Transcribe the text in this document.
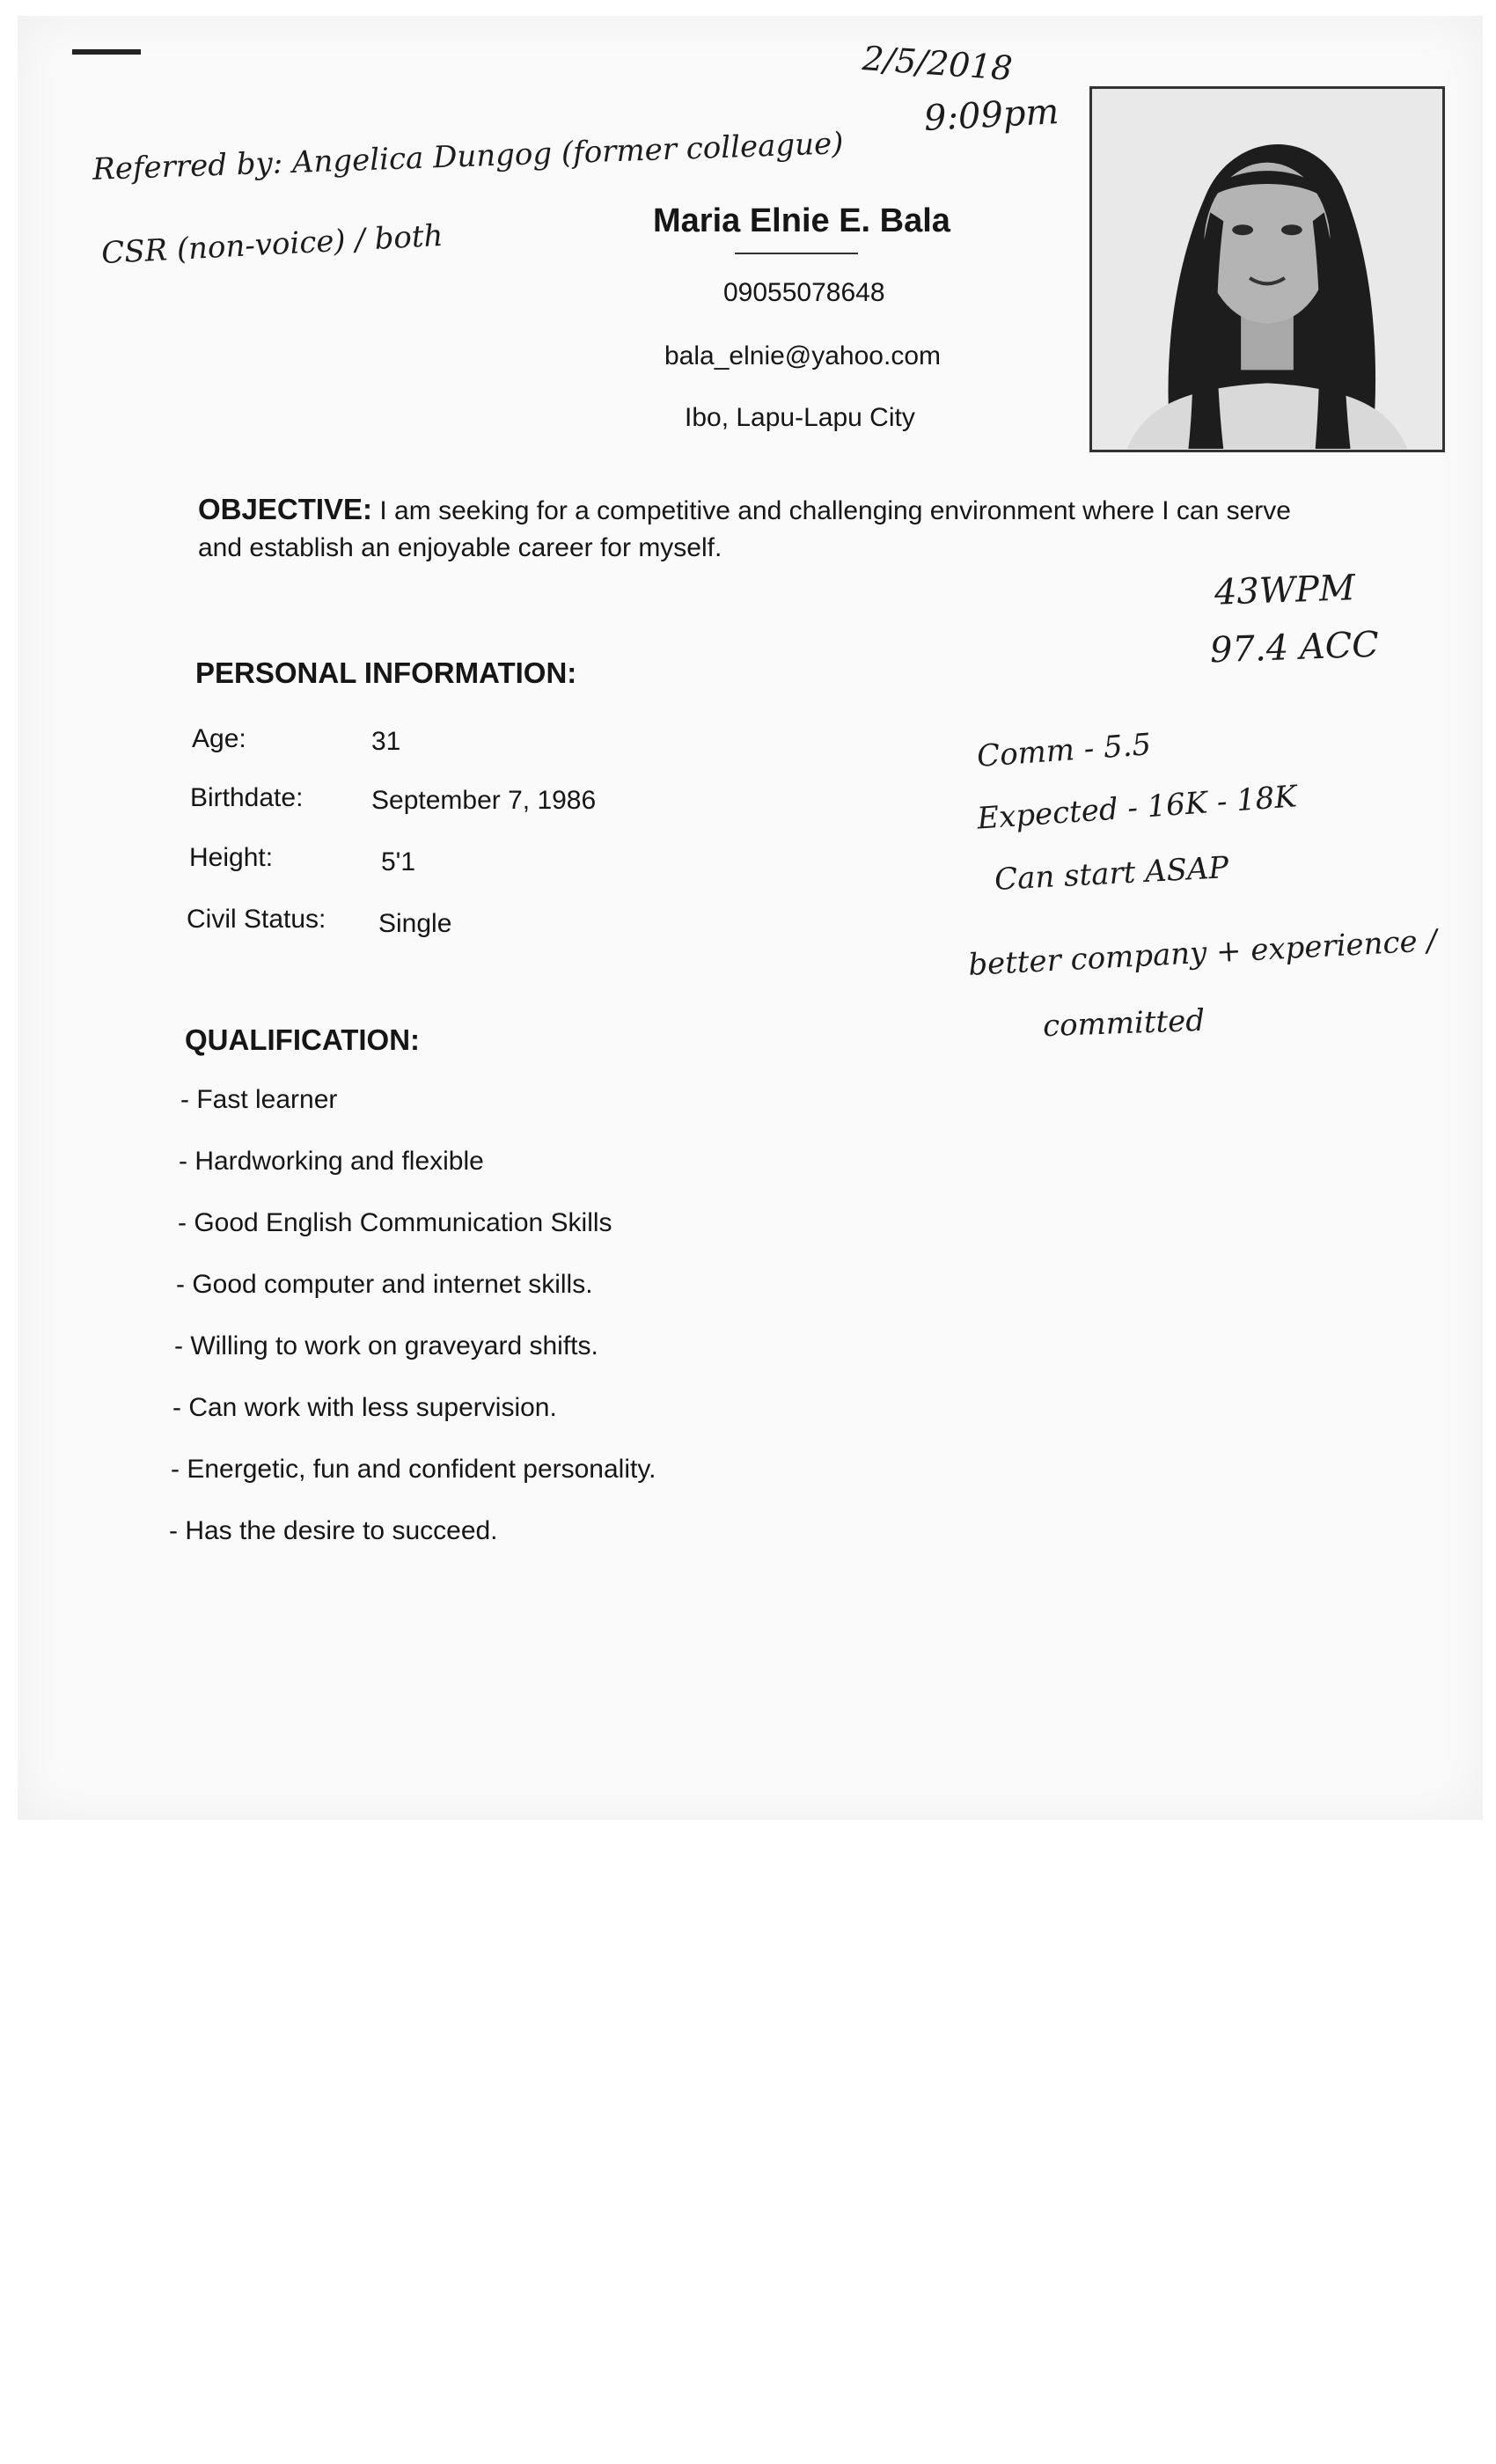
Maria Elnie E. Bala
09055078648
bala_elnie@yahoo.com
Ibo, Lapu-Lapu City
OBJECTIVE: I am seeking for a competitive and challenging environment where I can serve and establish an enjoyable career for myself.
PERSONAL INFORMATION:
Age:	31
Birthdate:	September 7, 1986
Height:	5'1
Civil Status: Single
QUALIFICATION:
- Fast learner
- Hardworking and flexible
- Good English Communication Skills
- Good computer and internet skills.
- Willing to work on graveyard shifts.
- Can work with less supervision.
- Energetic, fun and confident personality.
- Has the desire to succeed.
2/5/2018
9:09pm
Referred by: Angelica Dungog (former colleague)
CSR (non-voice) / both
43WPM
97.4 ACC
Comm - 5.5
Expected - 16K - 18K
Can start ASAP
better company + experience /
committed
